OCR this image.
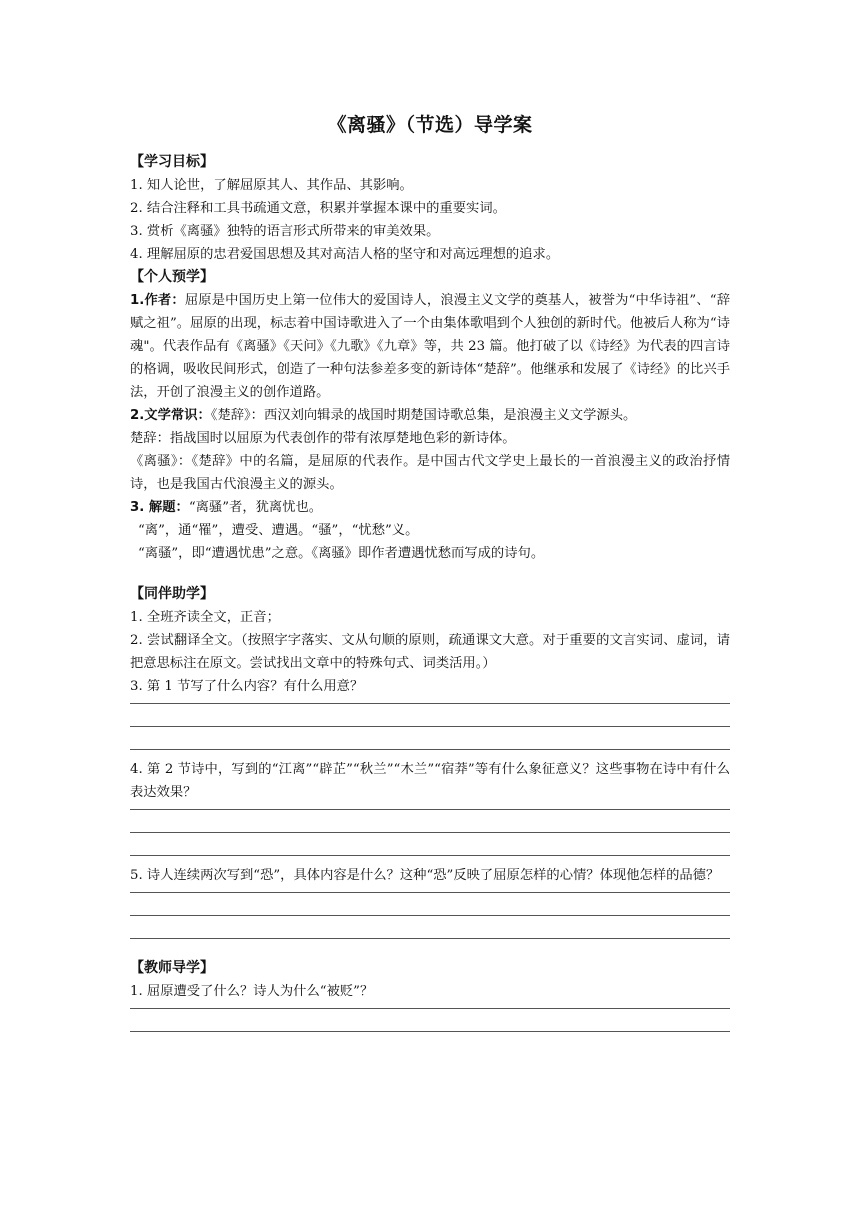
《离骚》（节选）导学案

【学习目标】

1. 知人论世，了解屈原其人、其作品、其影响。

2. 结合注释和工具书疏通文意，积累并掌握本课中的重要实词。

3. 赏析《离骚》独特的语言形式所带来的审美效果。

4. 理解屈原的忠君爱国思想及其对高洁人格的坚守和对高远理想的追求。

【个人预学】

1.作者：屈原是中国历史上第一位伟大的爱国诗人，浪漫主义文学的奠基人，被誉为“中华诗祖”、“辞赋之祖”。屈原的出现，标志着中国诗歌进入了一个由集体歌唱到个人独创的新时代。他被后人称为“诗魂"。代表作品有《离骚》《天问》《九歌》《九章》等，共 23 篇。他打破了以《诗经》为代表的四言诗的格调，吸收民间形式，创造了一种句法参差多变的新诗体“楚辞”。他继承和发展了《诗经》的比兴手法，开创了浪漫主义的创作道路。

2.文学常识：《楚辞》：西汉刘向辑录的战国时期楚国诗歌总集，是浪漫主义文学源头。

楚辞：指战国时以屈原为代表创作的带有浓厚楚地色彩的新诗体。

《离骚》：《楚辞》中的名篇，是屈原的代表作。是中国古代文学史上最长的一首浪漫主义的政治抒情诗，也是我国古代浪漫主义的源头。

3. 解题：“离骚”者，犹离忧也。

“离”，通“罹”，遭受、遭遇。“骚”，“忧愁”义。

“离骚”，即“遭遇忧患”之意。《离骚》即作者遭遇忧愁而写成的诗句。

【同伴助学】

1. 全班齐读全文，正音；

2. 尝试翻译全文。（按照字字落实、文从句顺的原则，疏通课文大意。对于重要的文言实词、虚词，请把意思标注在原文。尝试找出文章中的特殊句式、词类活用。）

3. 第 1 节写了什么内容？有什么用意？

4. 第 2 节诗中，写到的“江离”“辟芷”“秋兰”“木兰”“宿莽”等有什么象征意义？这些事物在诗中有什么表达效果？

5. 诗人连续两次写到“恐”，具体内容是什么？这种“恐”反映了屈原怎样的心情？体现他怎样的品德？

【教师导学】

1. 屈原遭受了什么？诗人为什么“被贬”？
